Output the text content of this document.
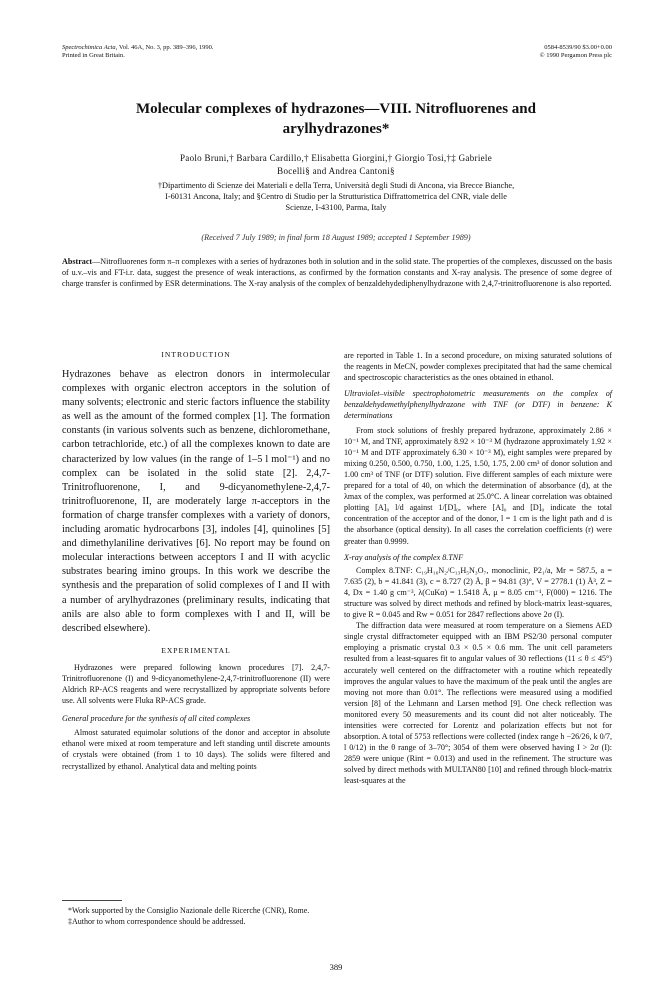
Spectrochimica Acta, Vol. 46A, No. 3, pp. 389–396, 1990.
Printed in Great Britain.
0584-8539/90 $3.00+0.00
© 1990 Pergamon Press plc
Molecular complexes of hydrazones—VIII. Nitrofluorenes and
arylhydrazones*
Paolo Bruni,† Barbara Cardillo,† Elisabetta Giorgini,† Giorgio Tosi,†‡ Gabriele
Bocelli§ and Andrea Cantoni§
†Dipartimento di Scienze dei Materiali e della Terra, Università degli Studi di Ancona, via Brecce Bianche,
I-60131 Ancona, Italy; and §Centro di Studio per la Strutturistica Diffrattometrica del CNR, viale delle
Scienze, I-43100, Parma, Italy
(Received 7 July 1989; in final form 18 August 1989; accepted 1 September 1989)
Abstract—Nitrofluorenes form π–π complexes with a series of hydrazones both in solution and in the solid state. The properties of the complexes, discussed on the basis of u.v.–vis and FT-i.r. data, suggest the presence of weak interactions, as confirmed by the formation constants and X-ray analysis. The presence of some degree of charge transfer is confirmed by ESR determinations. The X-ray analysis of the complex of benzaldehydediphenylhydrazone with 2,4,7-trinitrofluorenone is also reported.
INTRODUCTION

Hydrazones behave as electron donors in intermolecular complexes with organic electron acceptors in the solution of many solvents; electronic and steric factors influence the stability as well as the amount of the formed complex [1]. The formation constants (in various solvents such as benzene, dichloromethane, carbon tetrachloride, etc.) of all the complexes known to date are characterized by low values (in the range of 1–5 l mol⁻¹) and no complex can be isolated in the solid state [2]. 2,4,7-Trinitrofluorenone, I, and 9-dicyanomethylene-2,4,7-trinitrofluorenone, II, are moderately large π-acceptors in the formation of charge transfer complexes with a variety of donors, including aromatic hydrocarbons [3], indoles [4], quinolines [5] and dimethylaniline derivatives [6]. No report may be found on molecular interactions between acceptors I and II with acyclic substrates bearing imino groups. In this work we describe the synthesis and the preparation of solid complexes of I and II with a number of arylhydrazones (preliminary results, indicating that anils are also able to form complexes with I and II, will be described elsewhere).

EXPERIMENTAL

Hydrazones were prepared following known procedures [7]. 2,4,7-Trinitrofluorenone (I) and 9-dicyanomethylene-2,4,7-trinitrofluorenone (II) were Aldrich RP-ACS reagents and were recrystallized by appropriate solvents before use. All solvents were Fluka RP-ACS grade.

General procedure for the synthesis of all cited complexes

Almost saturated equimolar solutions of the donor and acceptor in absolute ethanol were mixed at room temperature and left standing until discrete amounts of crystals were obtained (from 1 to 10 days). The solids were filtered and recrystallized by ethanol. Analytical data and melting points

*Work supported by the Consiglio Nazionale delle Ricerche (CNR), Rome.

‡Author to whom correspondence should be addressed.

are reported in Table 1. In a second procedure, on mixing saturated solutions of the reagents in MeCN, powder complexes precipitated that had the same chemical and spectroscopic characteristics as the ones obtained in ethanol.

Ultraviolet–visible spectrophotometric measurements on the complex of benzaldehydemethylphenylhydrazone with TNF (or DTF) in benzene: K determinations

From stock solutions of freshly prepared hydrazone, approximately 2.86 × 10⁻¹ M, and TNF, approximately 8.92 × 10⁻³ M (hydrazone approximately 1.92 × 10⁻¹ M and DTF approximately 6.30 × 10⁻³ M), eight samples were prepared by mixing 0.250, 0.500, 0.750, 1.00, 1.25, 1.50, 1.75, 2.00 cm³ of donor solution and 1.00 cm³ of TNF (or DTF) solution. Five different samples of each mixture were prepared for a total of 40, on which the determination of absorbance (d), at the λmax of the complex, was performed at 25.0°C. A linear correlation was obtained plotting [A]₀ l/d against 1/[D]₀, where [A]₀ and [D]₀ indicate the total concentration of the acceptor and of the donor, l = 1 cm is the light path and d is the absorbance (optical density). In all cases the correlation coefficients (r) were greater than 0.9999.

X-ray analysis of the complex 8.TNF

Complex 8.TNF: C₁₉H₁₆N₂/C₁₃H₅N₃O₇, monoclinic, P2₁/a, Mr = 587.5, a = 7.635 (2), b = 41.841 (3), c = 8.727 (2) Å, β = 94.81 (3)°, V = 2778.1 (1) Å³, Z = 4, Dx = 1.40 g cm⁻³, λ(CuKα) = 1.5418 Å, μ = 8.05 cm⁻¹, F(000) = 1216. The structure was solved by direct methods and refined by block-matrix least-squares, to give R = 0.045 and Rw = 0.051 for 2847 reflections above 2σ (I).

The diffraction data were measured at room temperature on a Siemens AED single crystal diffractometer equipped with an IBM PS2/30 personal computer employing a prismatic crystal 0.3 × 0.5 × 0.6 mm. The unit cell parameters resulted from a least-squares fit to angular values of 30 reflections (11 ≤ θ ≤ 45°) accurately well centered on the diffractometer with a routine which repeatedly improves the angular values to have the maximum of the peak until the angles are moving not more than 0.01°. The reflections were measured using a modified version [8] of the Lehmann and Larsen method [9]. One check reflection was monitored every 50 measurements and its count did not alter noticeably. The intensities were corrected for Lorentz and polarization effects but not for absorption. A total of 5753 reflections were collected (index range h −26/26, k 0/7, l 0/12) in the θ range of 3–70°; 3054 of them were observed having I > 2σ (I): 2859 were unique (Rint = 0.013) and used in the refinement. The structure was solved by direct methods with MULTAN80 [10] and refined through block-matrix least-squares at the

389
